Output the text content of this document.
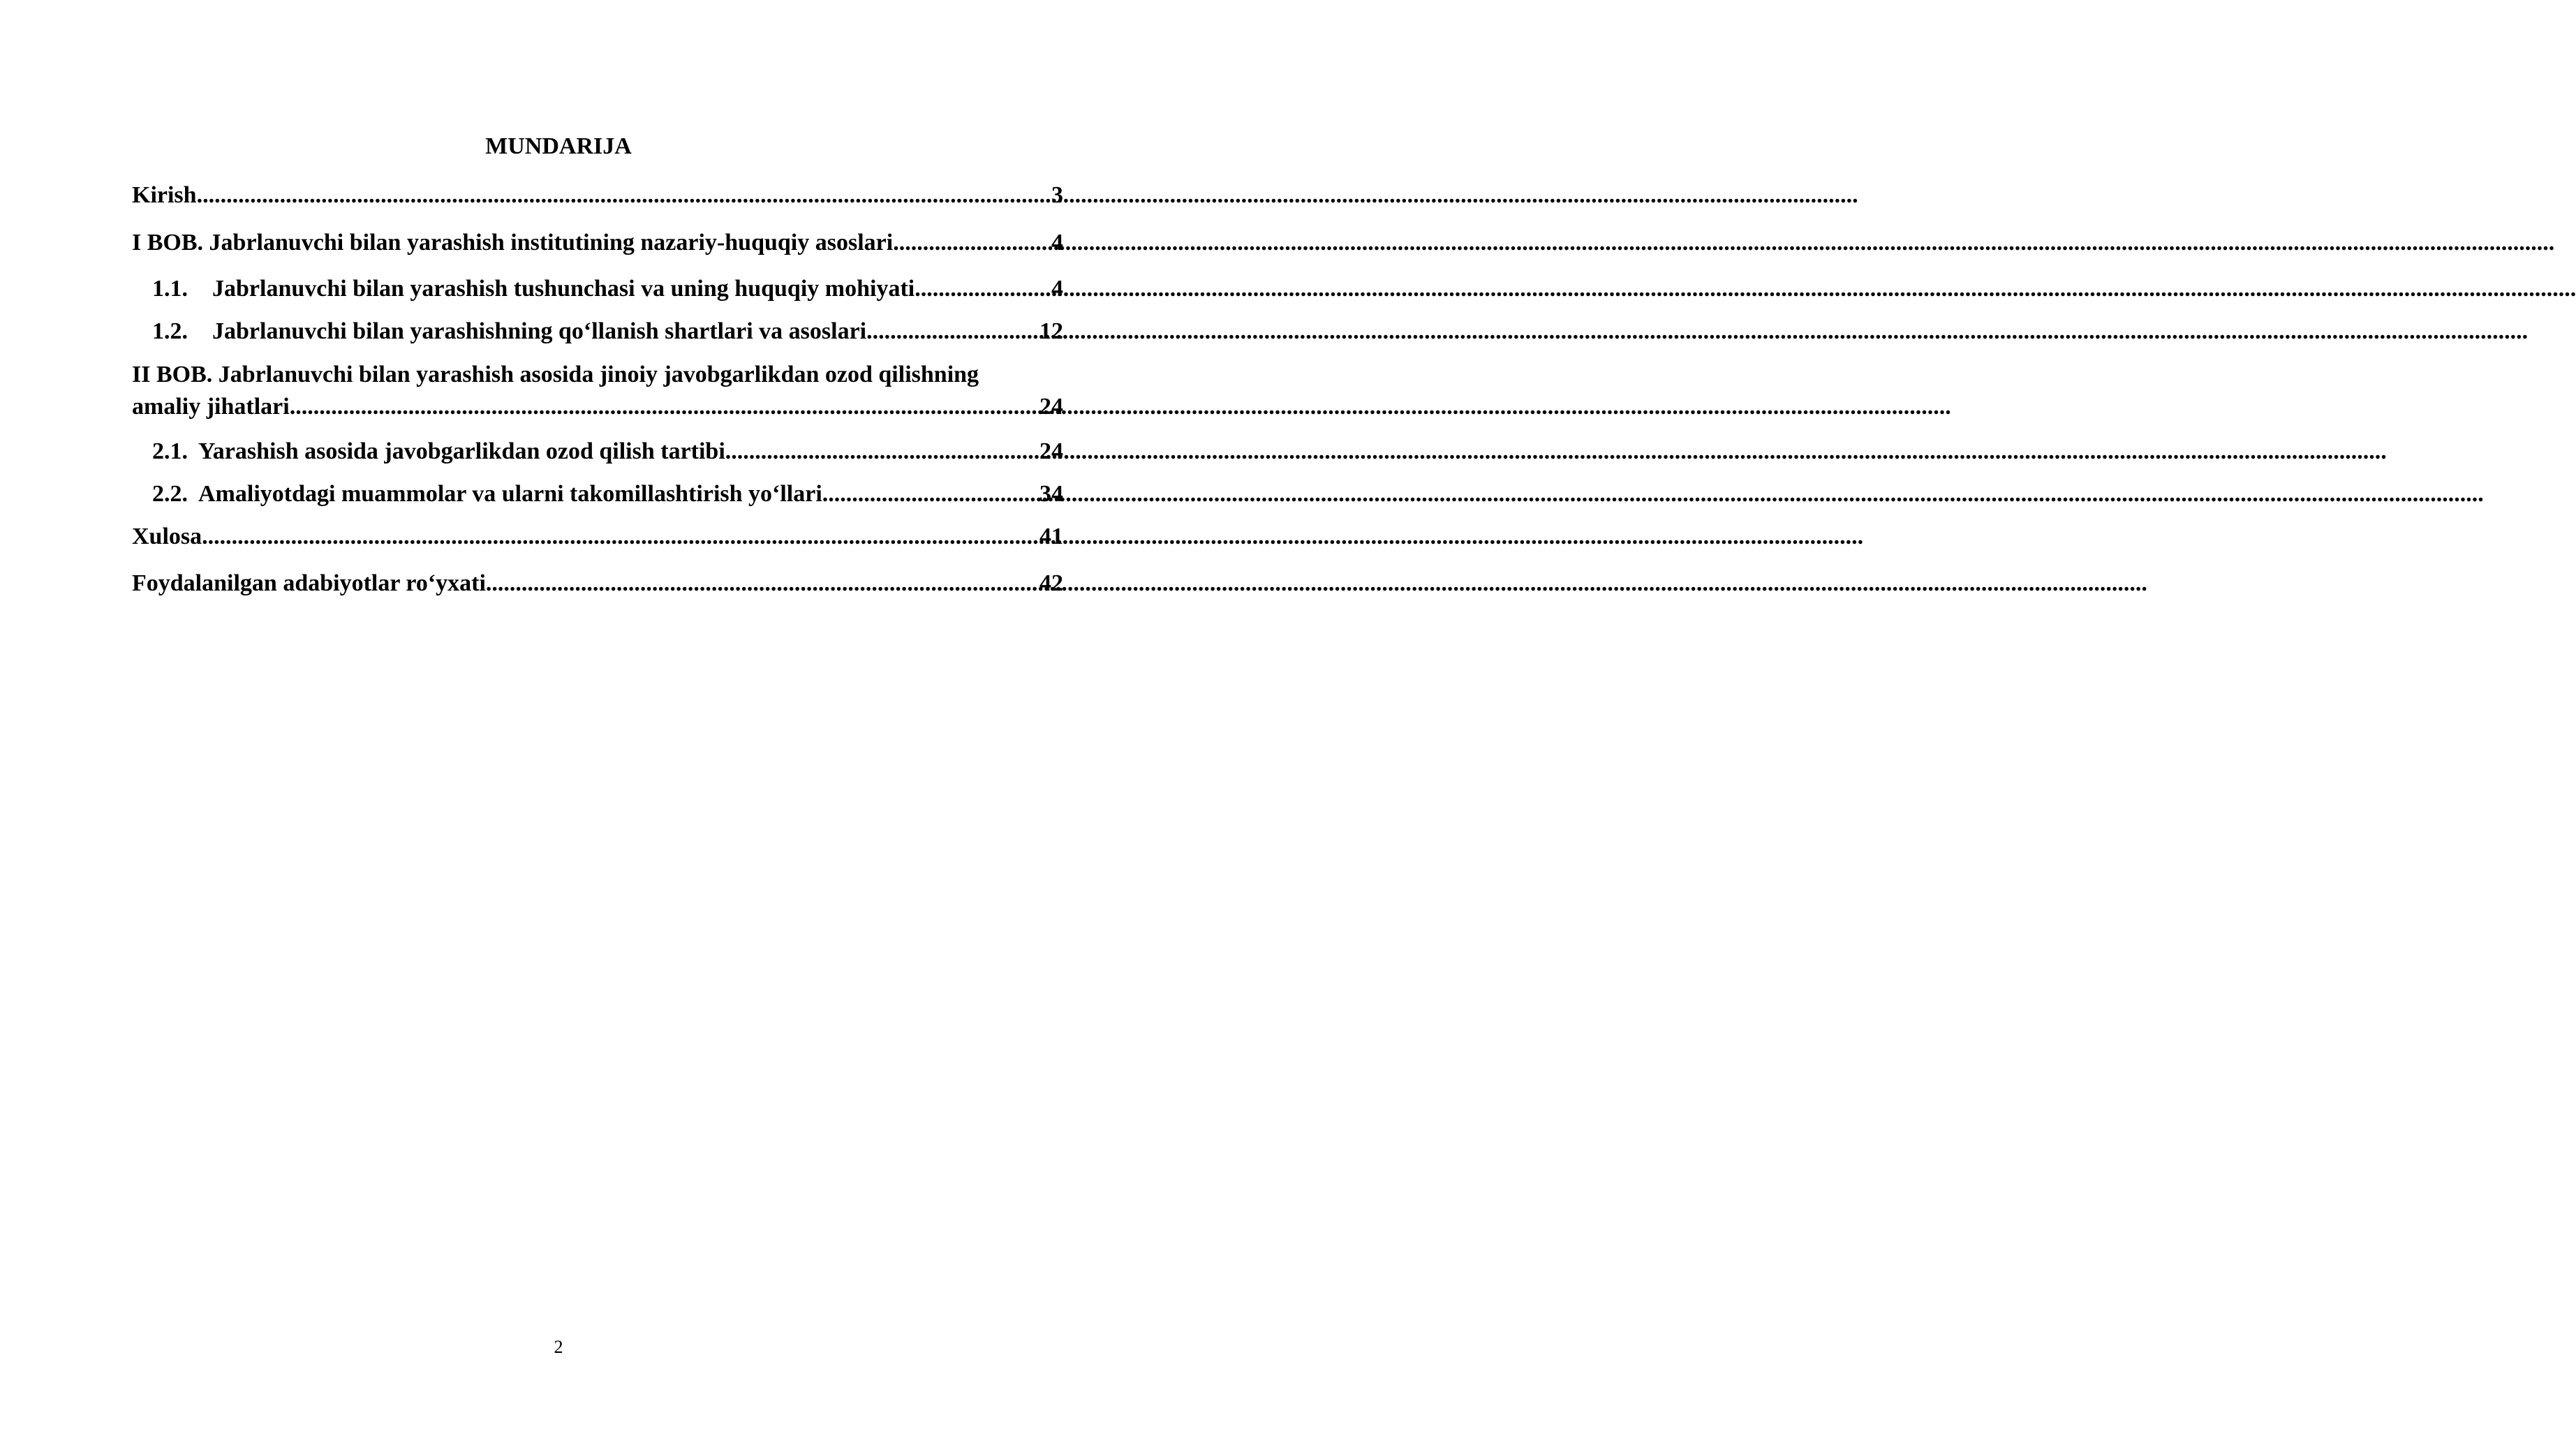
MUNDARIJA
Kirish .....	3
I BOB. Jabrlanuvchi bilan yarashish institutining nazariy-huquqiy asoslari .....	4
1.1.	Jabrlanuvchi bilan yarashish tushunchasi va uning huquqiy mohiyati .....	4
1.2.	Jabrlanuvchi bilan yarashishning qo‘llanish shartlari va asoslari .....	12
II BOB. Jabrlanuvchi bilan yarashish asosida jinoiy javobgarlikdan ozod qilishning
amaliy jihatlari .....	24
2.1. Yarashish asosida javobgarlikdan ozod qilish tartibi .....	24
2.2. Amaliyotdagi muammolar va ularni takomillashtirish yo‘llari .....	34
Xulosa .....	41
Foydalanilgan adabiyotlar ro‘yxati .....	42
2
